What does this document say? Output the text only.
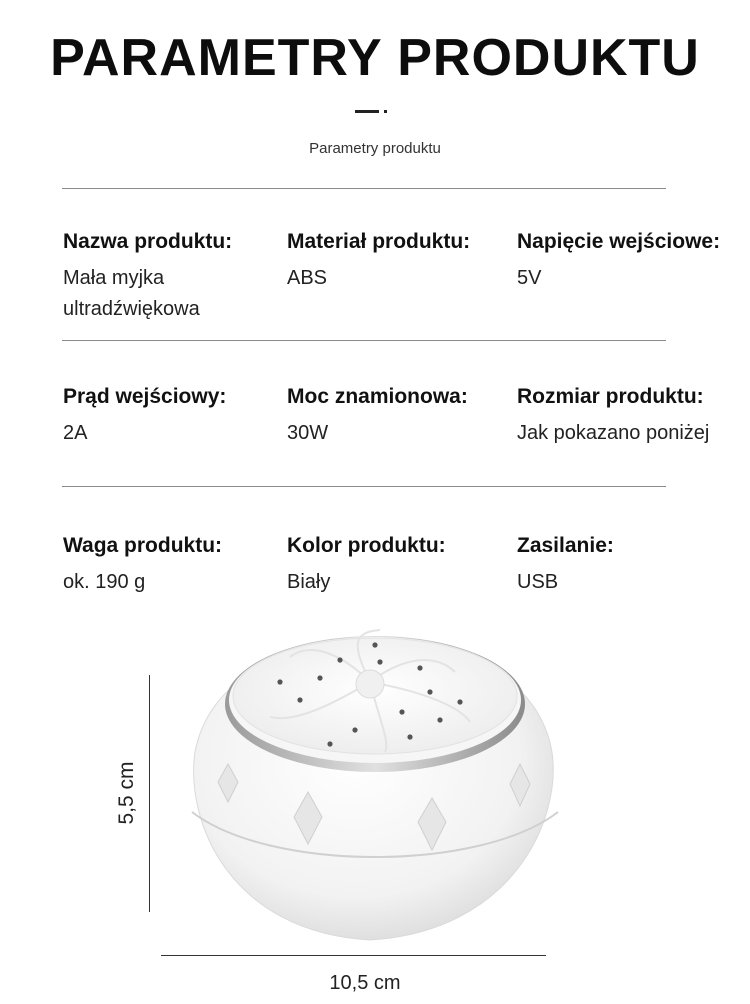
PARAMETRY PRODUKTU
Parametry produktu
Nazwa produktu:
Mała myjka ultradźwiękowa
Materiał produktu:
ABS
Napięcie wejściowe:
5V
Prąd wejściowy:
2A
Moc znamionowa:
30W
Rozmiar produktu:
Jak pokazano poniżej
Waga produktu:
ok. 190 g
Kolor produktu:
Biały
Zasilanie:
USB
5,5 cm
10,5 cm
